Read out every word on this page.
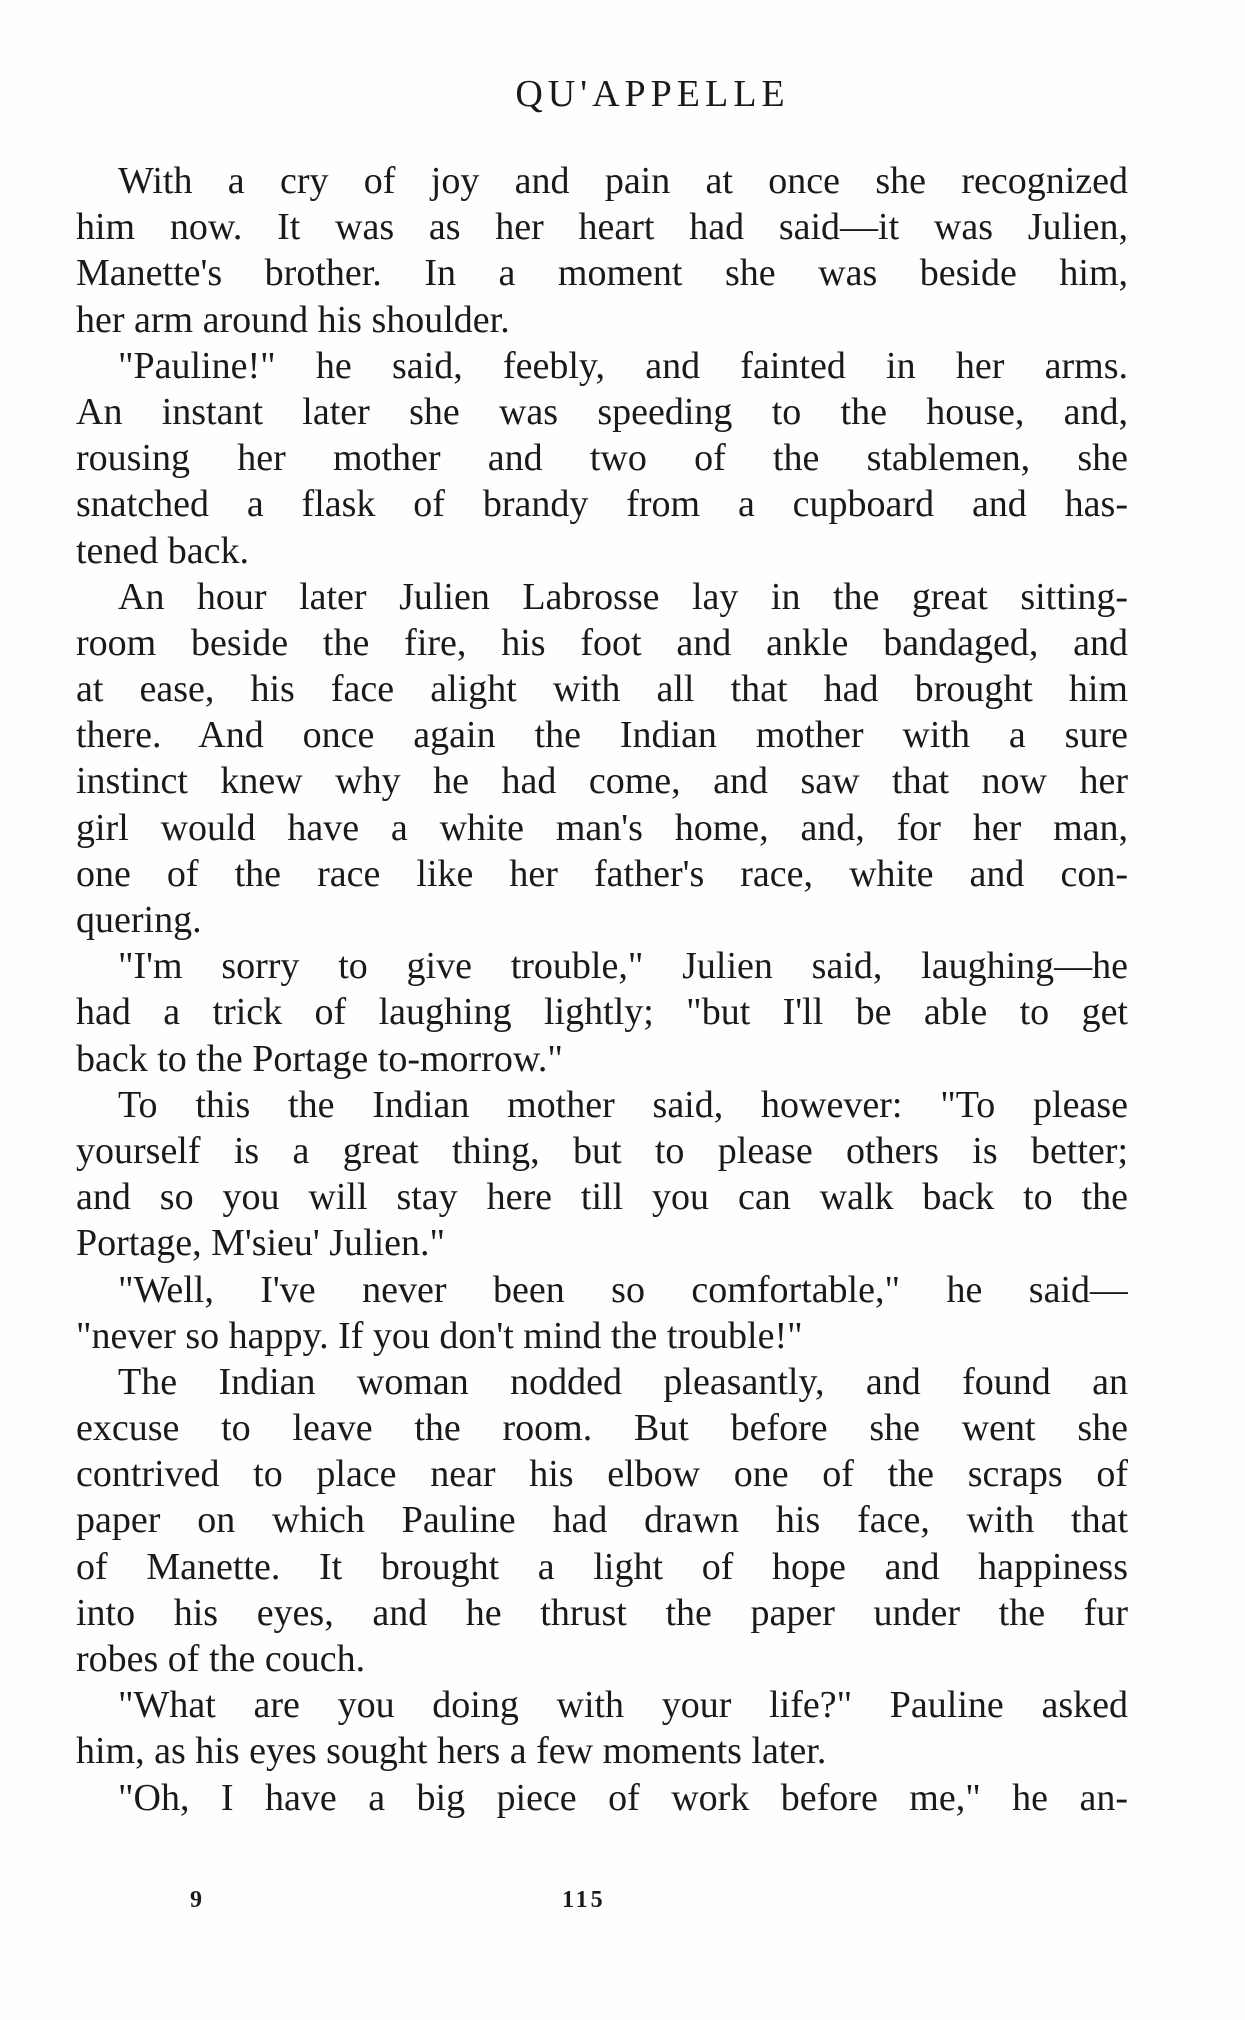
QU'APPELLE
With a cry of joy and pain at once she recognized
him now. It was as her heart had said—it was Julien,
Manette's brother. In a moment she was beside him,
her arm around his shoulder.
"Pauline!" he said, feebly, and fainted in her arms.
An instant later she was speeding to the house, and,
rousing her mother and two of the stablemen, she
snatched a flask of brandy from a cupboard and has-
tened back.
An hour later Julien Labrosse lay in the great sitting-
room beside the fire, his foot and ankle bandaged, and
at ease, his face alight with all that had brought him
there. And once again the Indian mother with a sure
instinct knew why he had come, and saw that now her
girl would have a white man's home, and, for her man,
one of the race like her father's race, white and con-
quering.
"I'm sorry to give trouble," Julien said, laughing—he
had a trick of laughing lightly; "but I'll be able to get
back to the Portage to-morrow."
To this the Indian mother said, however: "To please
yourself is a great thing, but to please others is better;
and so you will stay here till you can walk back to the
Portage, M'sieu' Julien."
"Well, I've never been so comfortable," he said—
"never so happy. If you don't mind the trouble!"
The Indian woman nodded pleasantly, and found an
excuse to leave the room. But before she went she
contrived to place near his elbow one of the scraps of
paper on which Pauline had drawn his face, with that
of Manette. It brought a light of hope and happiness
into his eyes, and he thrust the paper under the fur
robes of the couch.
"What are you doing with your life?" Pauline asked
him, as his eyes sought hers a few moments later.
"Oh, I have a big piece of work before me," he an-
9	115
